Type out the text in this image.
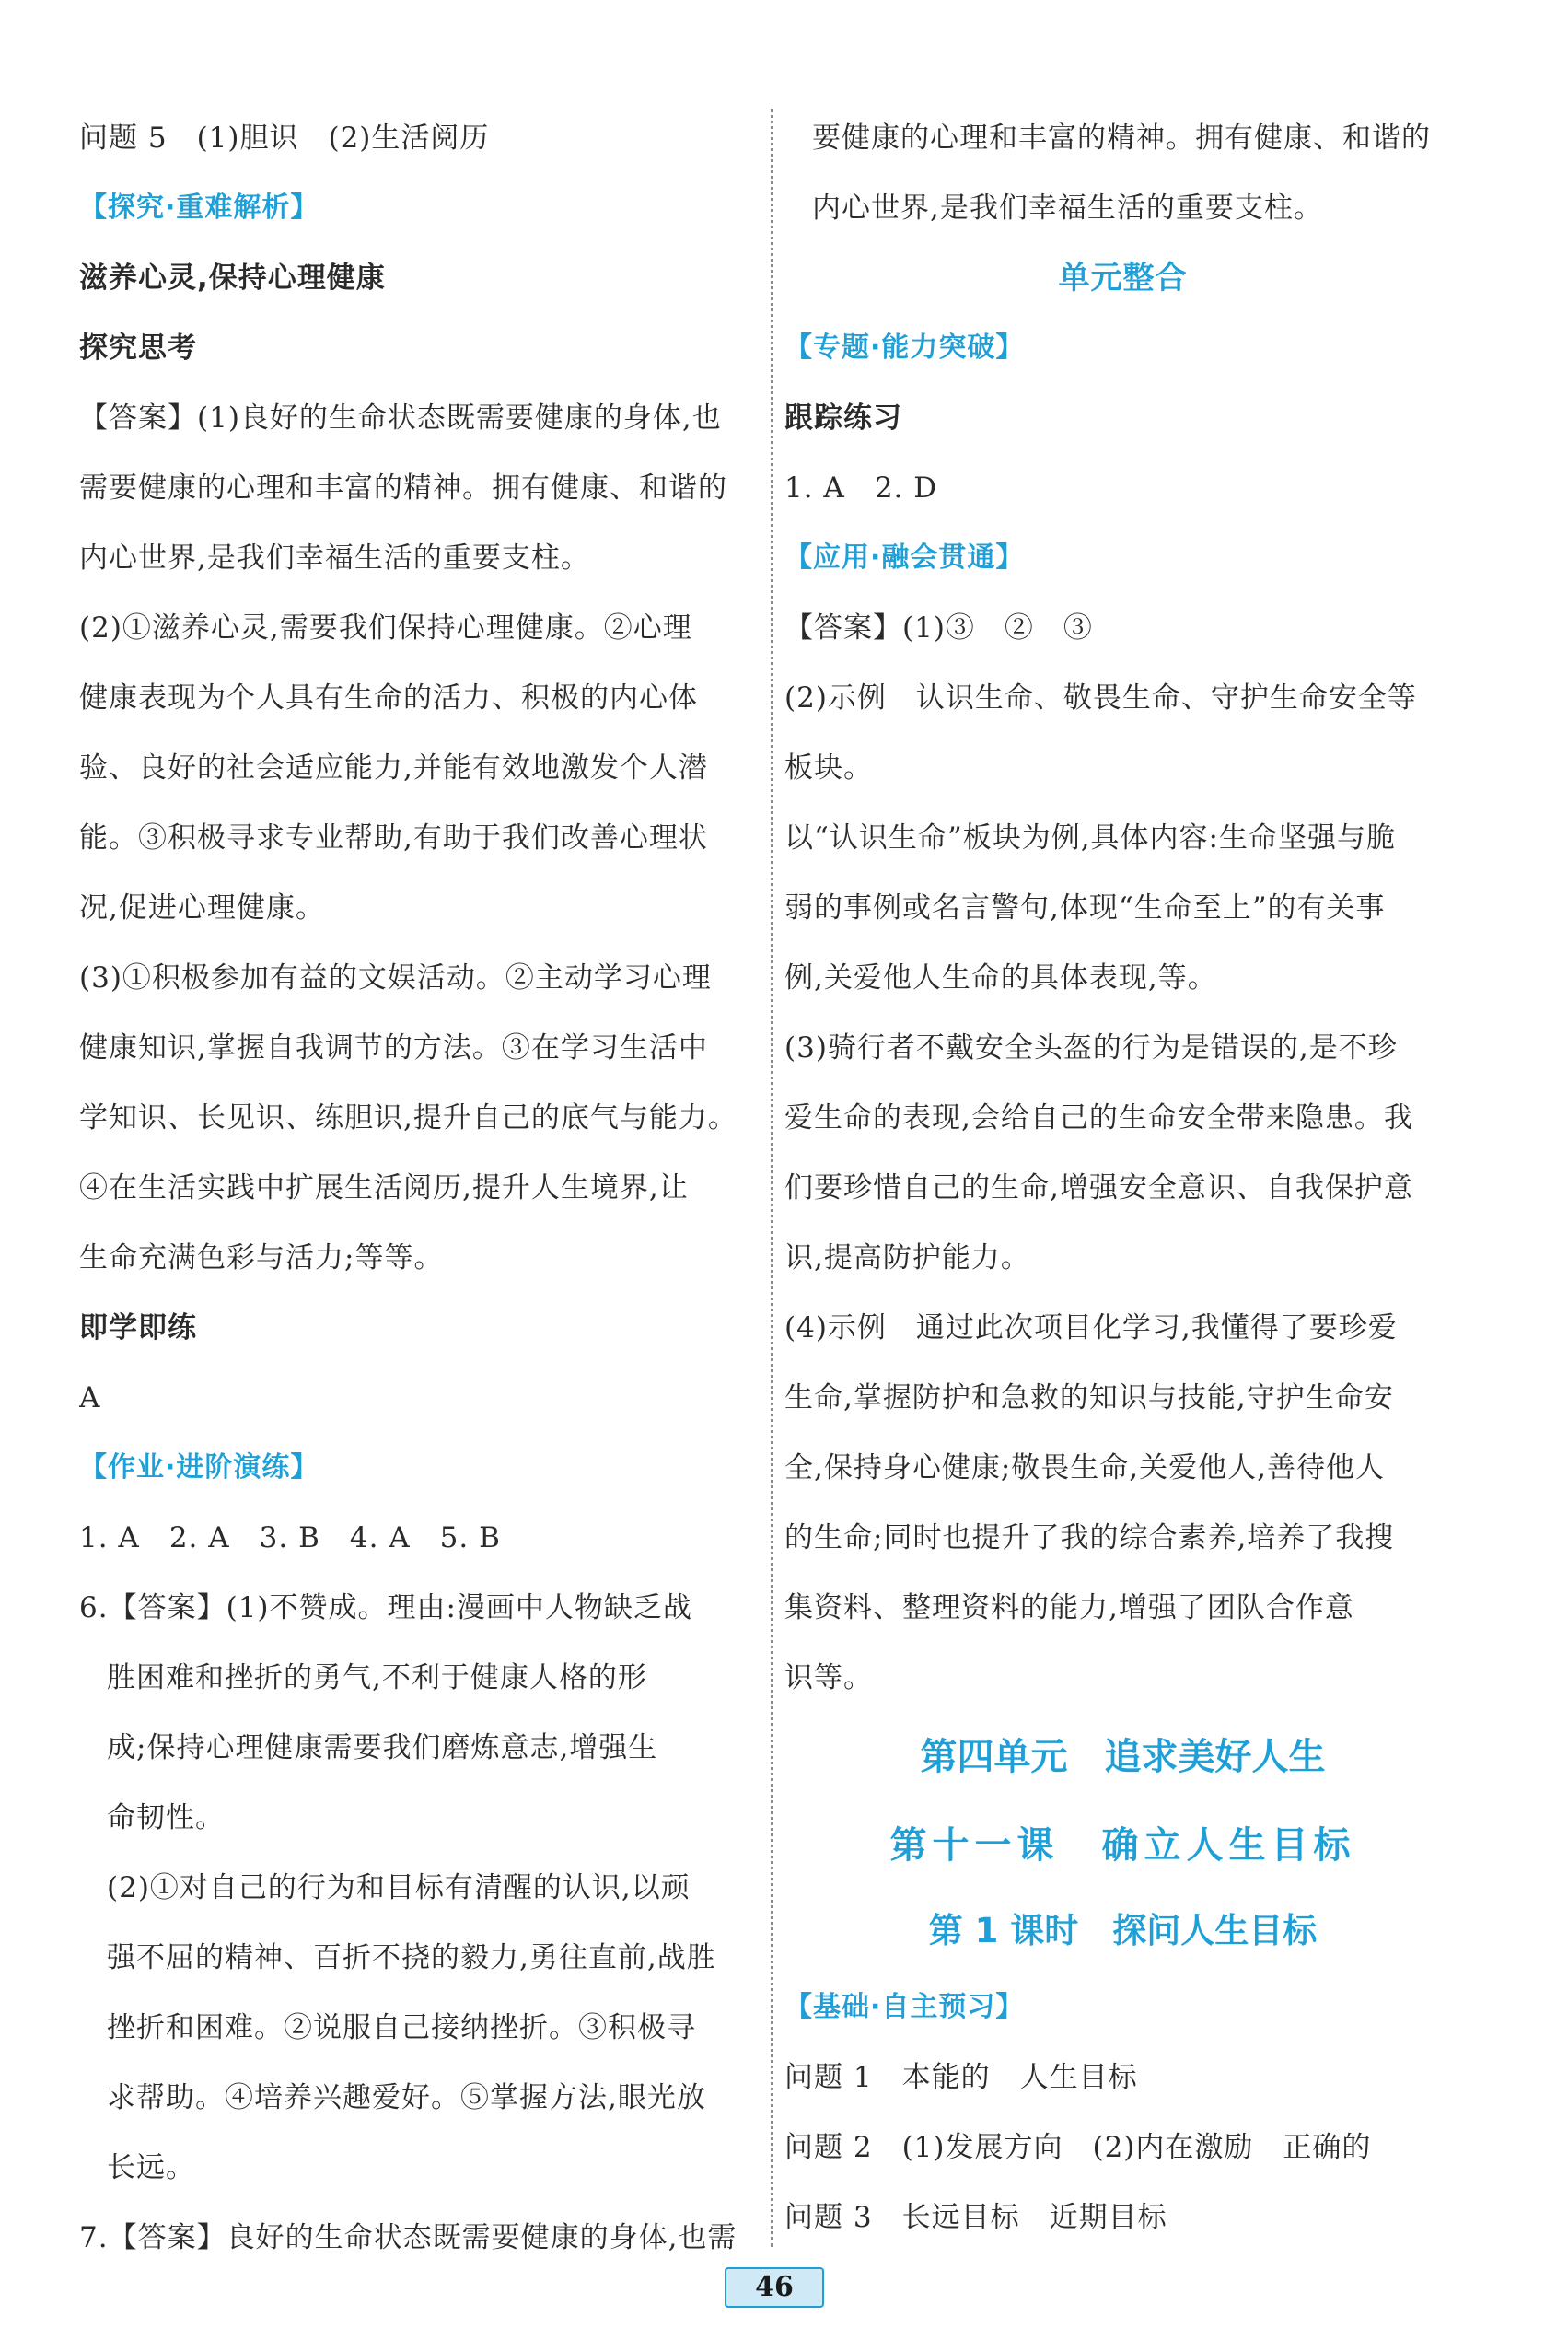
问题 5　(1)胆识　(2)生活阅历
【探究·重难解析】
滋养心灵,保持心理健康
探究思考
【答案】(1)良好的生命状态既需要健康的身体,也
需要健康的心理和丰富的精神。拥有健康、和谐的
内心世界,是我们幸福生活的重要支柱。
(2)①滋养心灵,需要我们保持心理健康。②心理
健康表现为个人具有生命的活力、积极的内心体
验、良好的社会适应能力,并能有效地激发个人潜
能。③积极寻求专业帮助,有助于我们改善心理状
况,促进心理健康。
(3)①积极参加有益的文娱活动。②主动学习心理
健康知识,掌握自我调节的方法。③在学习生活中
学知识、长见识、练胆识,提升自己的底气与能力。
④在生活实践中扩展生活阅历,提升人生境界,让
生命充满色彩与活力;等等。
即学即练
A
【作业·进阶演练】
1. A　2. A　3. B　4. A　5. B
6.【答案】(1)不赞成。理由:漫画中人物缺乏战
胜困难和挫折的勇气,不利于健康人格的形
成;保持心理健康需要我们磨炼意志,增强生
命韧性。
(2)①对自己的行为和目标有清醒的认识,以顽
强不屈的精神、百折不挠的毅力,勇往直前,战胜
挫折和困难。②说服自己接纳挫折。③积极寻
求帮助。④培养兴趣爱好。⑤掌握方法,眼光放
长远。
7.【答案】良好的生命状态既需要健康的身体,也需
要健康的心理和丰富的精神。拥有健康、和谐的
内心世界,是我们幸福生活的重要支柱。
单元整合
【专题·能力突破】
跟踪练习
1. A　2. D
【应用·融会贯通】
【答案】(1)③　②　③
(2)示例　认识生命、敬畏生命、守护生命安全等
板块。
以“认识生命”板块为例,具体内容:生命坚强与脆
弱的事例或名言警句,体现“生命至上”的有关事
例,关爱他人生命的具体表现,等。
(3)骑行者不戴安全头盔的行为是错误的,是不珍
爱生命的表现,会给自己的生命安全带来隐患。我
们要珍惜自己的生命,增强安全意识、自我保护意
识,提高防护能力。
(4)示例　通过此次项目化学习,我懂得了要珍爱
生命,掌握防护和急救的知识与技能,守护生命安
全,保持身心健康;敬畏生命,关爱他人,善待他人
的生命;同时也提升了我的综合素养,培养了我搜
集资料、整理资料的能力,增强了团队合作意
识等。
第四单元　追求美好人生
第十一课　确立人生目标
第 1 课时　探问人生目标
【基础·自主预习】
问题 1　本能的　人生目标
问题 2　(1)发展方向　(2)内在激励　正确的
问题 3　长远目标　近期目标
46
